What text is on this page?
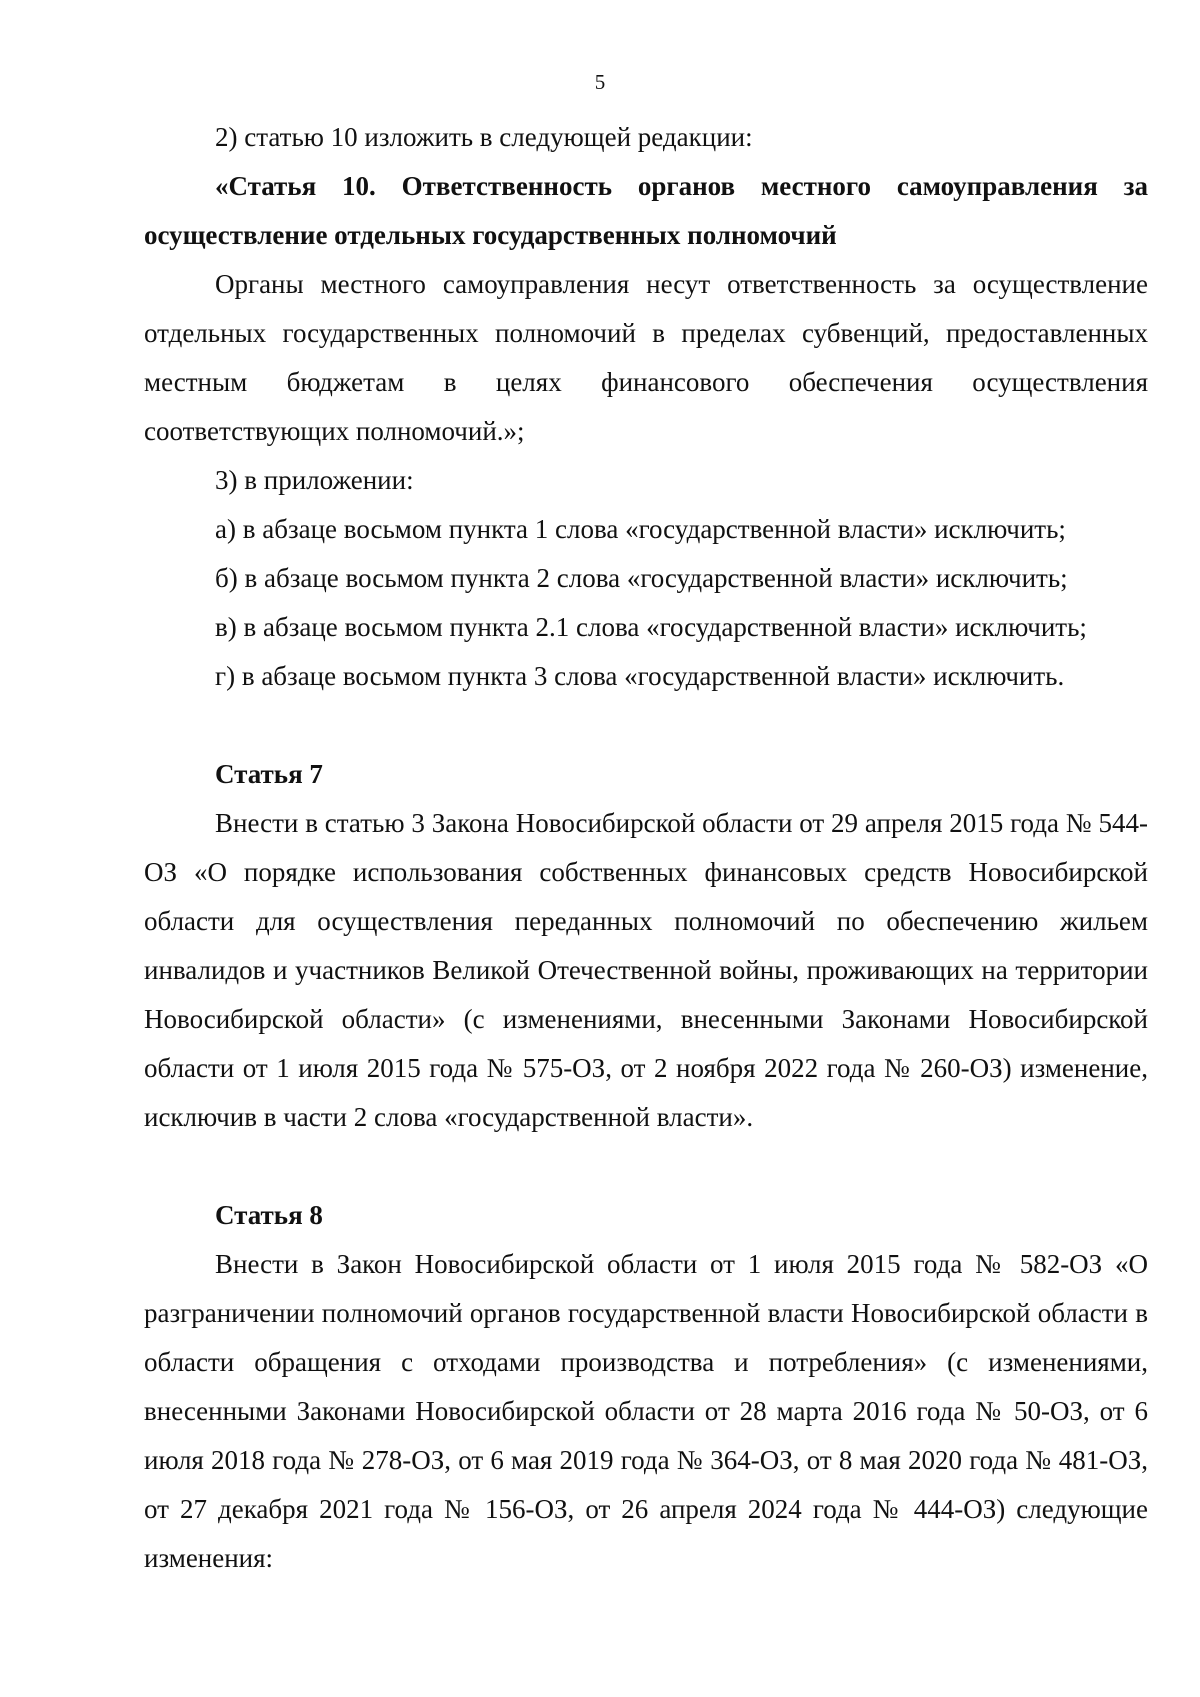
5

2) статью 10 изложить в следующей редакции:

«Статья 10. Ответственность органов местного самоуправления за осуществление отдельных государственных полномочий

Органы местного самоуправления несут ответственность за осуществление отдельных государственных полномочий в пределах субвенций, предоставленных местным бюджетам в целях финансового обеспечения осуществления соответствующих полномочий.»;

3) в приложении:

а) в абзаце восьмом пункта 1 слова «государственной власти» исключить;

б) в абзаце восьмом пункта 2 слова «государственной власти» исключить;

в) в абзаце восьмом пункта 2.1 слова «государственной власти» исключить;

г) в абзаце восьмом пункта 3 слова «государственной власти» исключить.

Статья 7

Внести в статью 3 Закона Новосибирской области от 29 апреля 2015 года № 544-ОЗ «О порядке использования собственных финансовых средств Новосибирской области для осуществления переданных полномочий по обеспечению жильем инвалидов и участников Великой Отечественной войны, проживающих на территории Новосибирской области» (с изменениями, внесенными Законами Новосибирской области от 1 июля 2015 года № 575-ОЗ, от 2 ноября 2022 года № 260-ОЗ) изменение, исключив в части 2 слова «государственной власти».

Статья 8

Внести в Закон Новосибирской области от 1 июля 2015 года № 582-ОЗ «О разграничении полномочий органов государственной власти Новосибирской области в области обращения с отходами производства и потребления» (с изменениями, внесенными Законами Новосибирской области от 28 марта 2016 года № 50-ОЗ, от 6 июля 2018 года № 278-ОЗ, от 6 мая 2019 года № 364-ОЗ, от 8 мая 2020 года № 481-ОЗ, от 27 декабря 2021 года № 156-ОЗ, от 26 апреля 2024 года № 444-ОЗ) следующие изменения:
